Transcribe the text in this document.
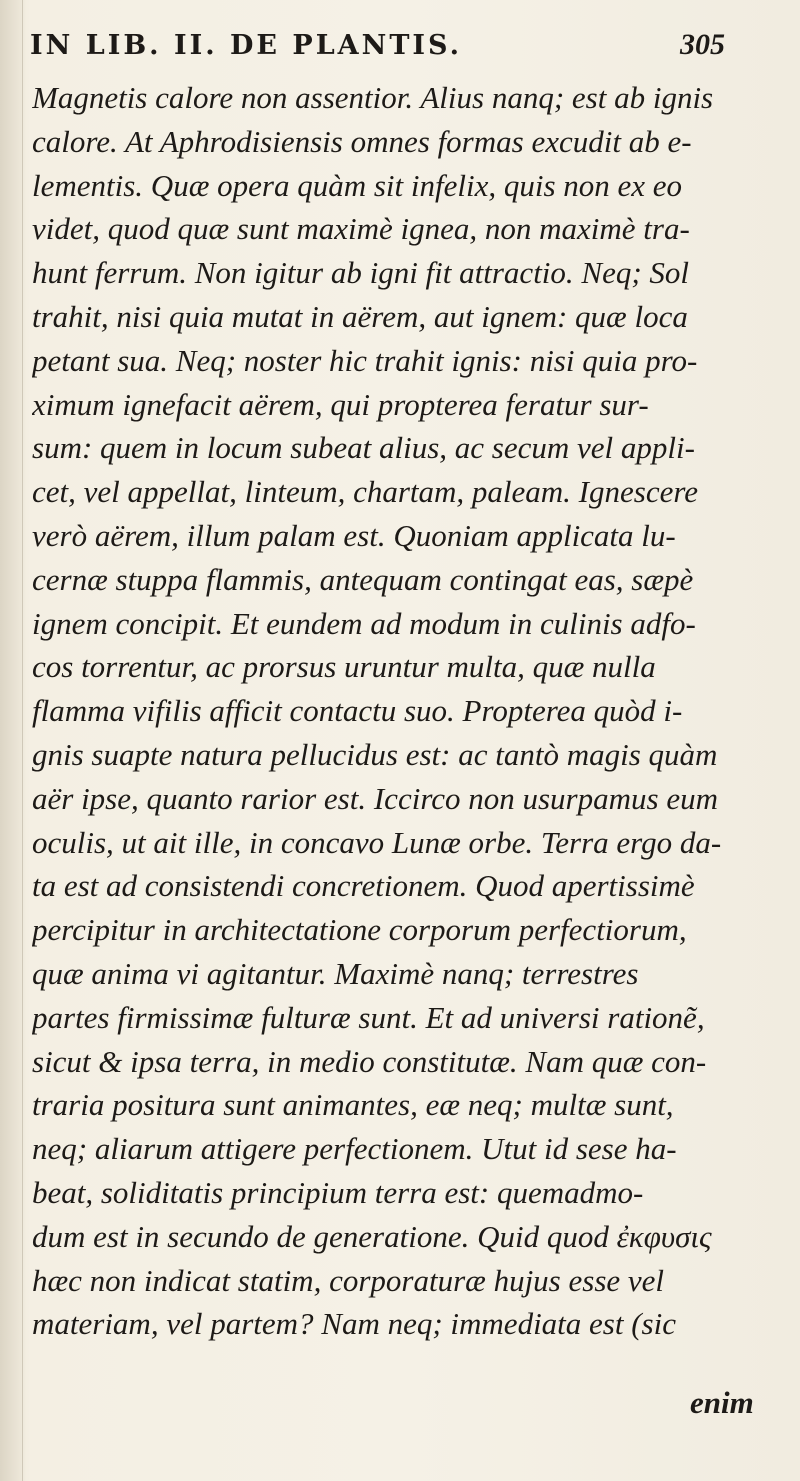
IN LIB. II. DE PLANTIS.	305
Magnetis calore non assentior. Alius nanq; est ab ignis
calore. At Aphrodisiensis omnes formas excudit ab e-
lementis. Quæ opera quàm sit infelix, quis non ex eo
videt, quod quæ sunt maximè ignea, non maximè tra-
hunt ferrum. Non igitur ab igni fit attractio. Neq; Sol
trahit, nisi quia mutat in aërem, aut ignem: quæ loca
petant sua. Neq; noster hic trahit ignis: nisi quia pro-
ximum ignefacit aërem, qui propterea feratur sur-
sum: quem in locum subeat alius, ac secum vel appli-
cet, vel appellat, linteum, chartam, paleam. Ignescere
verò aërem, illum palam est. Quoniam applicata lu-
cernæ stuppa flammis, antequam contingat eas, sæpè
ignem concipit. Et eundem ad modum in culinis adfo-
cos torrentur, ac prorsus uruntur multa, quæ nulla
flamma vifilis afficit contactu suo. Propterea quòd i-
gnis suapte natura pellucidus est: ac tantò magis quàm
aër ipse, quanto rarior est. Iccirco non usurpamus eum
oculis, ut ait ille, in concavo Lunæ orbe. Terra ergo da-
ta est ad consistendi concretionem. Quod apertissimè
percipitur in architectatione corporum perfectiorum,
quæ anima vi agitantur. Maximè nanq; terrestres
partes firmissimæ fulturæ sunt. Et ad universi rationẽ,
sicut & ipsa terra, in medio constitutæ. Nam quæ con-
traria positura sunt animantes, eæ neq; multæ sunt,
neq; aliarum attigere perfectionem. Utut id sese ha-
beat, soliditatis principium terra est: quemadmo-
dum est in secundo de generatione. Quid quod ἐκφυσις
hæc non indicat statim, corporaturæ hujus esse vel
materiam, vel partem? Nam neq; immediata est (sic
enim
